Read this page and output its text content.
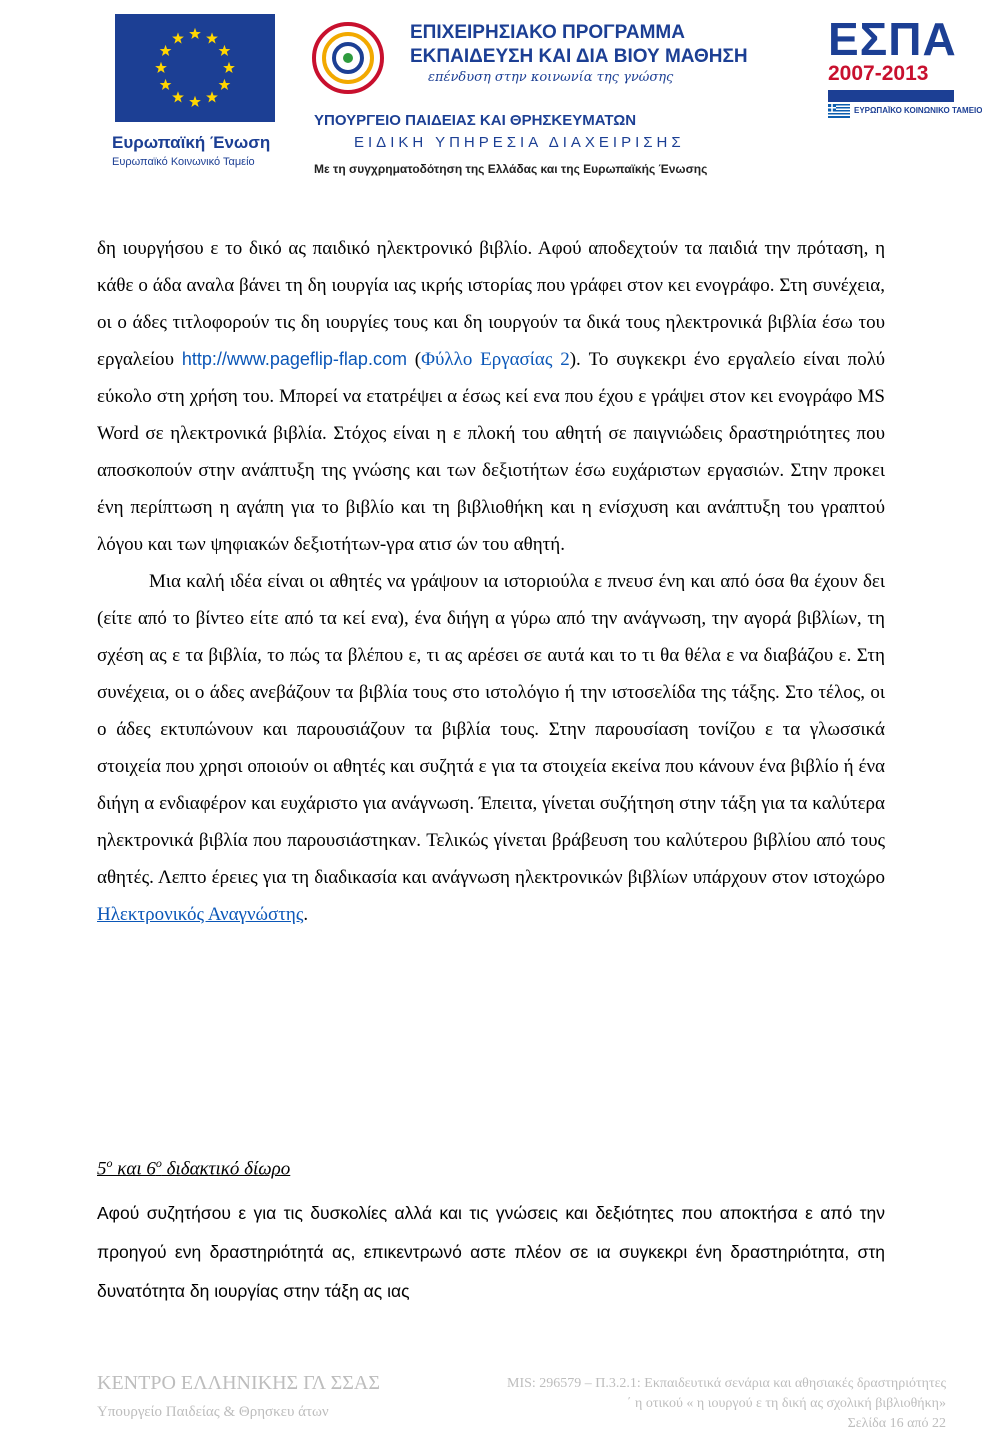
Ευρωπαϊκή Ένωση
Ευρωπαϊκό Κοινωνικό Ταμείο
ΕΠΙΧΕΙΡΗΣΙΑΚΟ ΠΡΟΓΡΑΜΜΑ
ΕΚΠΑΙΔΕΥΣΗ ΚΑΙ ΔΙΑ ΒΙΟΥ ΜΑΘΗΣΗ
επένδυση στην κοινωνία της γνώσης
ΥΠΟΥΡΓΕΙΟ ΠΑΙΔΕΙΑΣ ΚΑΙ ΘΡΗΣΚΕΥΜΑΤΩΝ
ΕΙΔΙΚΗ ΥΠΗΡΕΣΙΑ ΔΙΑΧΕΙΡΙΣΗΣ
Με τη συγχρηματοδότηση της Ελλάδας και της Ευρωπαϊκής Ένωσης
ΕΣΠΑ
2007-2013
ΕΥΡΩΠΑΪΚΟ ΚΟΙΝΩΝΙΚΟ ΤΑΜΕΙΟ

δη ιουργήσου ε το δικό ας παιδικό ηλεκτρονικό βιβλίο. Αφού αποδεχτούν τα παιδιά την πρόταση, η κάθε ο άδα αναλα βάνει τη δη ιουργία ιας ικρής ιστορίας που γράφει στον κει ενογράφο. Στη συνέχεια, οι ο άδες τιτλοφορούν τις δη ιουργίες τους και δη ιουργούν τα δικά τους ηλεκτρονικά βιβλία έσω του εργαλείου http://www.pageflip-flap.com (Φύλλο Εργασίας 2). Το συγκεκρι ένο εργαλείο είναι πολύ εύκολο στη χρήση του. Μπορεί να ετατρέψει α έσως κεί ενα που έχου ε γράψει στον κει ενογράφο MS Word σε ηλεκτρονικά βιβλία. Στόχος είναι η ε πλοκή του αθητή σε παιγνιώδεις δραστηριότητες που αποσκοπούν στην ανάπτυξη της γνώσης και των δεξιοτήτων έσω ευχάριστων εργασιών. Στην προκει ένη περίπτωση η αγάπη για το βιβλίο και τη βιβλιοθήκη και η ενίσχυση και ανάπτυξη του γραπτού λόγου και των ψηφιακών δεξιοτήτων-γρα ατισ ών του αθητή.

Μια καλή ιδέα είναι οι αθητές να γράψουν ια ιστοριούλα ε πνευσ ένη και από όσα θα έχουν δει (είτε από το βίντεο είτε από τα κεί ενα), ένα διήγη α γύρω από την ανάγνωση, την αγορά βιβλίων, τη σχέση ας ε τα βιβλία, το πώς τα βλέπου ε, τι ας αρέσει σε αυτά και το τι θα θέλα ε να διαβάζου ε. Στη συνέχεια, οι ο άδες ανεβάζουν τα βιβλία τους στο ιστολόγιο ή την ιστοσελίδα της τάξης. Στο τέλος, οι ο άδες εκτυπώνουν και παρουσιάζουν τα βιβλία τους. Στην παρουσίαση τονίζου ε τα γλωσσικά στοιχεία που χρησι οποιούν οι αθητές και συζητά ε για τα στοιχεία εκείνα που κάνουν ένα βιβλίο ή ένα διήγη α ενδιαφέρον και ευχάριστο για ανάγνωση. Έπειτα, γίνεται συζήτηση στην τάξη για τα καλύτερα ηλεκτρονικά βιβλία που παρουσιάστηκαν. Τελικώς γίνεται βράβευση του καλύτερου βιβλίου από τους αθητές. Λεπτο έρειες για τη διαδικασία και ανάγνωση ηλεκτρονικών βιβλίων υπάρχουν στον ιστοχώρο Ηλεκτρονικός Αναγνώστης.

$5^o$ και $6^o$ διδακτικό δίωρο

Αφού συζητήσου ε για τις δυσκολίες αλλά και τις γνώσεις και δεξιότητες που αποκτήσα ε από την προηγού ενη δραστηριότητά ας, επικεντρωνό αστε πλέον σε ια συγκεκρι ένη δραστηριότητα, στη δυνατότητα δη ιουργίας στην τάξη ας ιας

ΚΕΝΤΡΟ ΕΛΛΗΝΙΚΗΣ ΓΛ ΣΣΑΣ
Υπουργείο Παιδείας & Θρησκευ άτων
MIS: 296579 – Π.3.2.1: Εκπαιδευτικά σενάρια και αθησιακές δραστηριότητες
΄ η οτικού « η ιουργού ε τη δική ας σχολική βιβλιοθήκη»
Σελίδα 16 από 22
